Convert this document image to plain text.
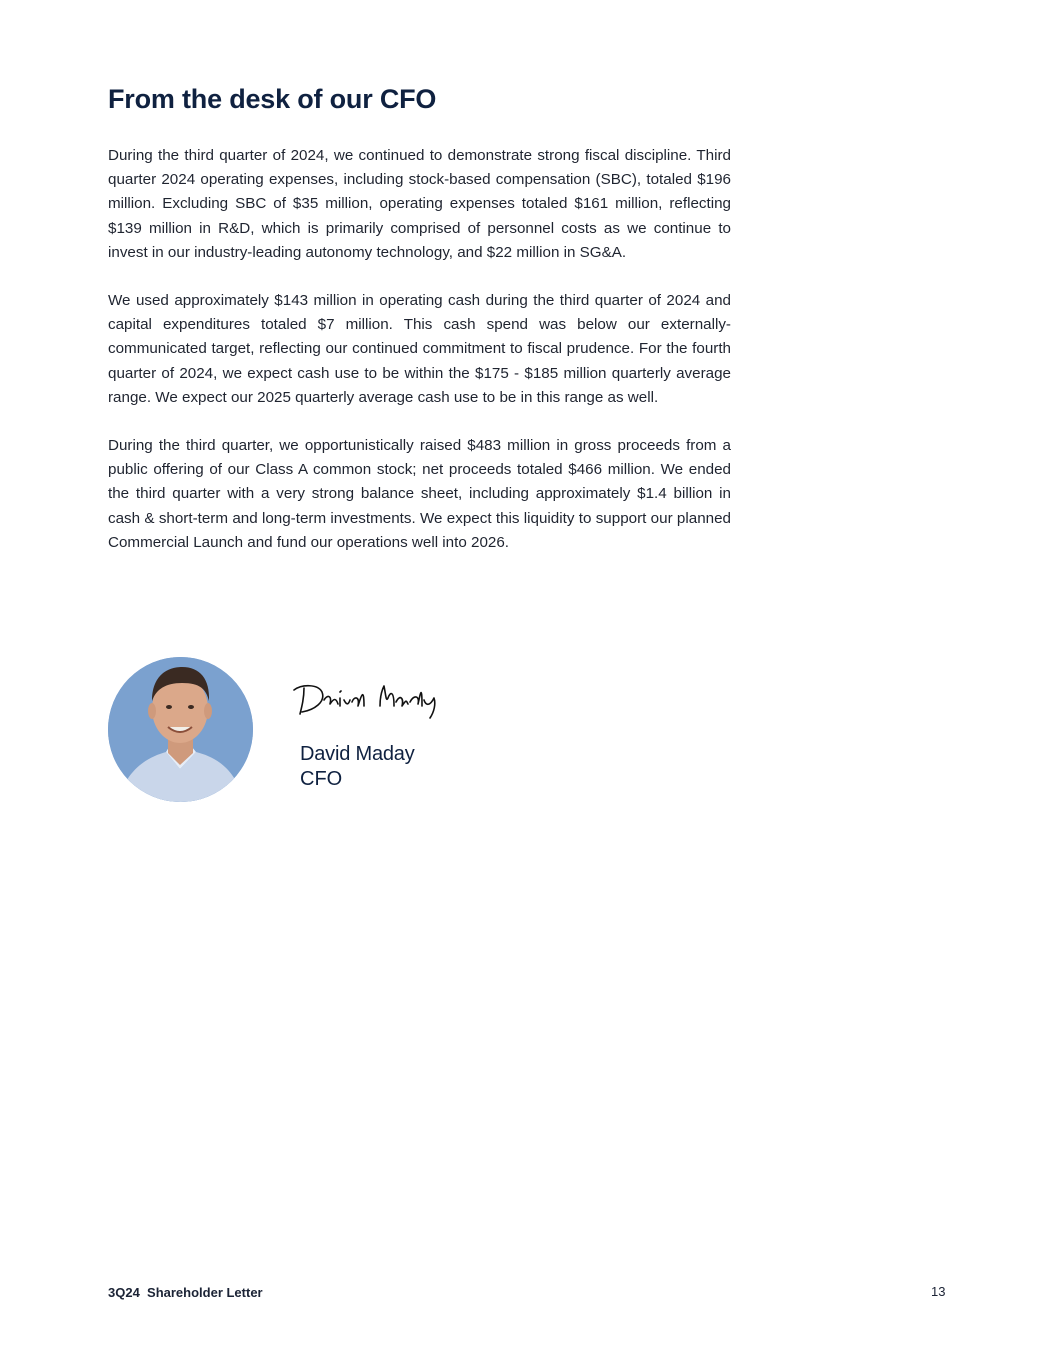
From the desk of our CFO

During the third quarter of 2024, we continued to demonstrate strong fiscal discipline. Third quarter 2024 operating expenses, including stock-based compensation (SBC), totaled $196 million. Excluding SBC of $35 million, operating expenses totaled $161 million, reflecting $139 million in R&D, which is primarily comprised of personnel costs as we continue to invest in our industry-leading autonomy technology, and $22 million in SG&A.

We used approximately $143 million in operating cash during the third quarter of 2024 and capital expenditures totaled $7 million. This cash spend was below our externally-communicated target, reflecting our continued commitment to fiscal prudence. For the fourth quarter of 2024, we expect cash use to be within the $175 - $185 million quarterly average range. We expect our 2025 quarterly average cash use to be in this range as well.

During the third quarter, we opportunistically raised $483 million in gross proceeds from a public offering of our Class A common stock; net proceeds totaled $466 million. We ended the third quarter with a very strong balance sheet, including approximately $1.4 billion in cash & short-term and long-term investments. We expect this liquidity to support our planned Commercial Launch and fund our operations well into 2026.

David Maday
CFO
3Q24  Shareholder Letter	13
